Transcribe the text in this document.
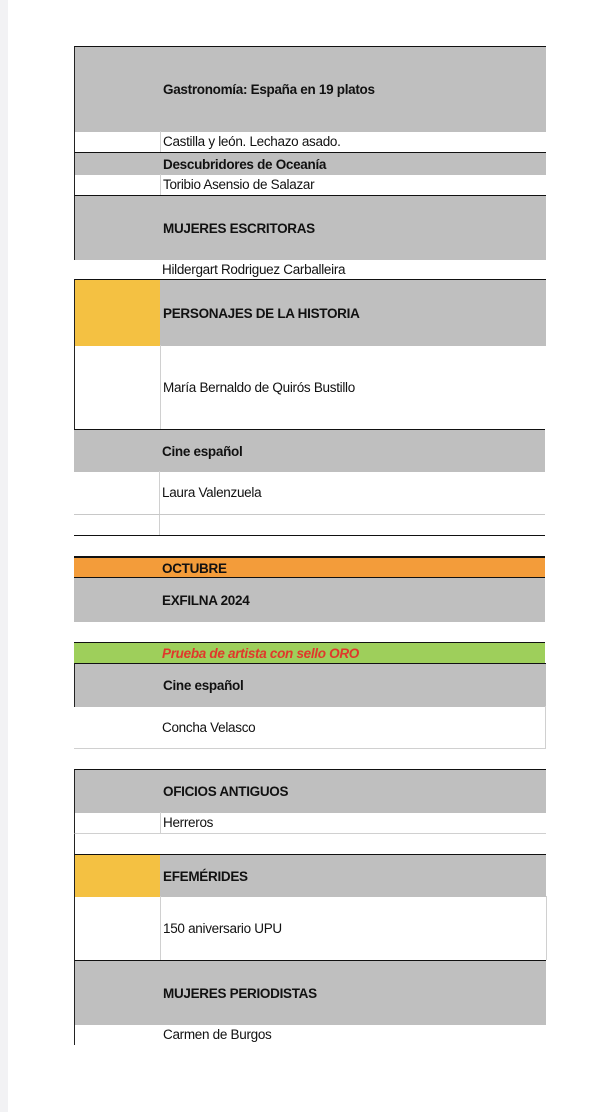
Gastronomía: España en 19 platos
Castilla y león. Lechazo asado.
Descubridores de Oceanía
Toribio Asensio de Salazar
MUJERES ESCRITORAS
Hildergart Rodriguez Carballeira
PERSONAJES DE LA HISTORIA
María Bernaldo de Quirós Bustillo
Cine español
Laura Valenzuela
OCTUBRE
EXFILNA 2024
Prueba de artista con sello ORO
Cine español
Concha Velasco
OFICIOS ANTIGUOS
Herreros
EFEMÉRIDES
150 aniversario UPU
MUJERES PERIODISTAS
Carmen de Burgos
